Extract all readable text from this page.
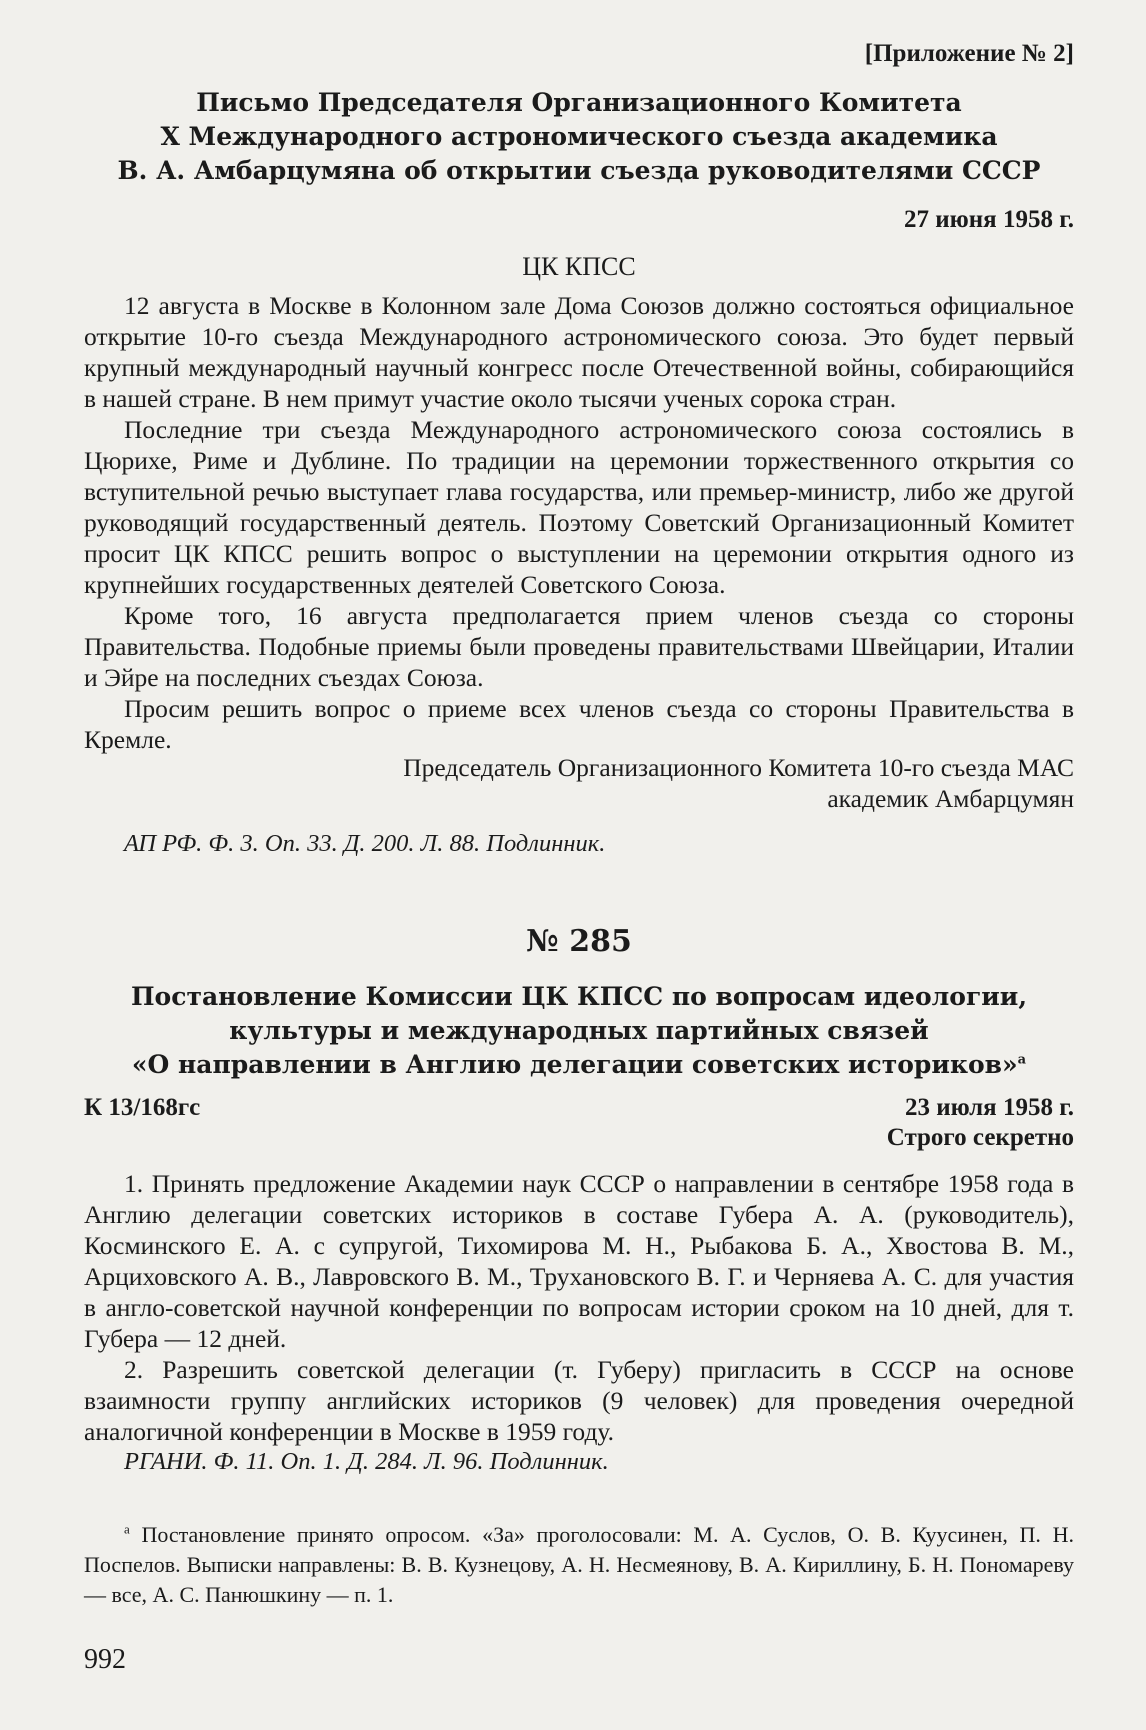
[Приложение № 2]
Письмо Председателя Организационного Комитета
X Международного астрономического съезда академика
В. А. Амбарцумяна об открытии съезда руководителями СССР
27 июня 1958 г.
ЦК КПСС

12 августа в Москве в Колонном зале Дома Союзов должно состояться официальное открытие 10-го съезда Международного астрономического союза. Это будет первый крупный международный научный конгресс после Отечественной войны, собирающийся в нашей стране. В нем примут участие около тысячи ученых сорока стран.

Последние три съезда Международного астрономического союза состоялись в Цюрихе, Риме и Дублине. По традиции на церемонии торжественного открытия со вступительной речью выступает глава государства, или премьер-министр, либо же другой руководящий государственный деятель. Поэтому Советский Организационный Комитет просит ЦК КПСС решить вопрос о выступлении на церемонии открытия одного из крупнейших государственных деятелей Советского Союза.

Кроме того, 16 августа предполагается прием членов съезда со стороны Правительства. Подобные приемы были проведены правительствами Швейцарии, Италии и Эйре на последних съездах Союза.

Просим решить вопрос о приеме всех членов съезда со стороны Правительства в Кремле.

Председатель Организационного Комитета 10-го съезда МАС
академик Амбарцумян
АП РФ. Ф. 3. Оп. 33. Д. 200. Л. 88. Подлинник.
№ 285
Постановление Комиссии ЦК КПСС по вопросам идеологии,
культуры и международных партийных связей
«О направлении в Англию делегации советских историков»$^а$
К 13/168гс	23 июля 1958 г.
Строго секретно

1. Принять предложение Академии наук СССР о направлении в сентябре 1958 года в Англию делегации советских историков в составе Губера А. А. (руководитель), Косминского Е. А. с супругой, Тихомирова М. Н., Рыбакова Б. А., Хвостова В. М., Арциховского А. В., Лавровского В. М., Трухановского В. Г. и Черняева А. С. для участия в англо-советской научной конференции по вопросам истории сроком на 10 дней, для т. Губера — 12 дней.

2. Разрешить советской делегации (т. Губеру) пригласить в СССР на основе взаимности группу английских историков (9 человек) для проведения очередной аналогичной конференции в Москве в 1959 году.

РГАНИ. Ф. 11. Оп. 1. Д. 284. Л. 96. Подлинник.
$^а$ Постановление принято опросом. «За» проголосовали: М. А. Суслов, О. В. Куусинен, П. Н. Поспелов. Выписки направлены: В. В. Кузнецову, А. Н. Несмеянову, В. А. Кириллину, Б. Н. Пономареву — все, А. С. Панюшкину — п. 1.
992
